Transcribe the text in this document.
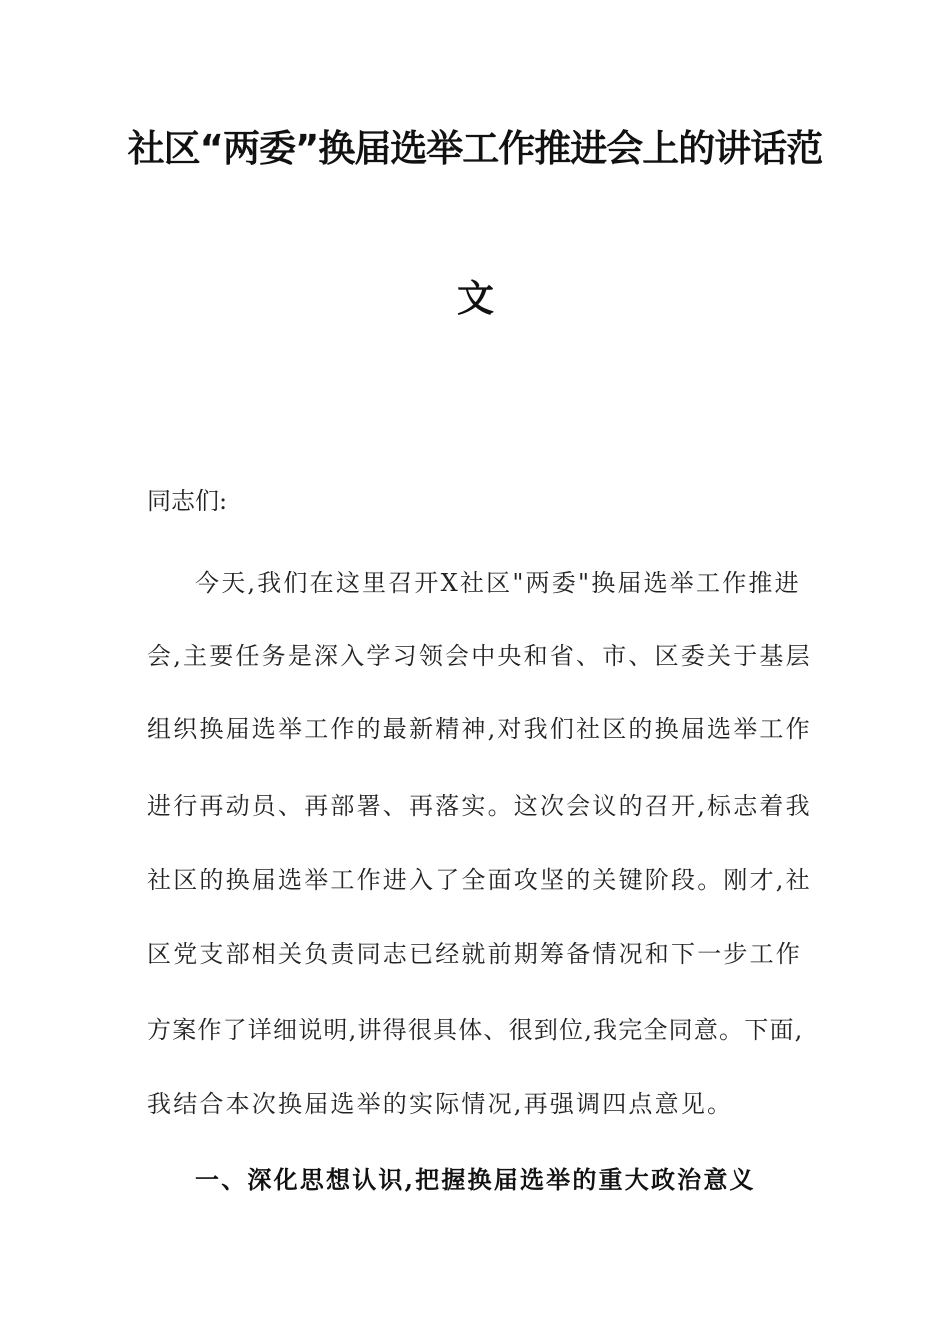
社区“两委”换届选举工作推进会上的讲话范
文
同志们:
今天,我们在这里召开X社区"两委"换届选举工作推进
会,主要任务是深入学习领会中央和省、市、区委关于基层
组织换届选举工作的最新精神,对我们社区的换届选举工作
进行再动员、再部署、再落实。这次会议的召开,标志着我
社区的换届选举工作进入了全面攻坚的关键阶段。刚才,社
区党支部相关负责同志已经就前期筹备情况和下一步工作
方案作了详细说明,讲得很具体、很到位,我完全同意。下面,
我结合本次换届选举的实际情况,再强调四点意见。
一、深化思想认识,把握换届选举的重大政治意义
